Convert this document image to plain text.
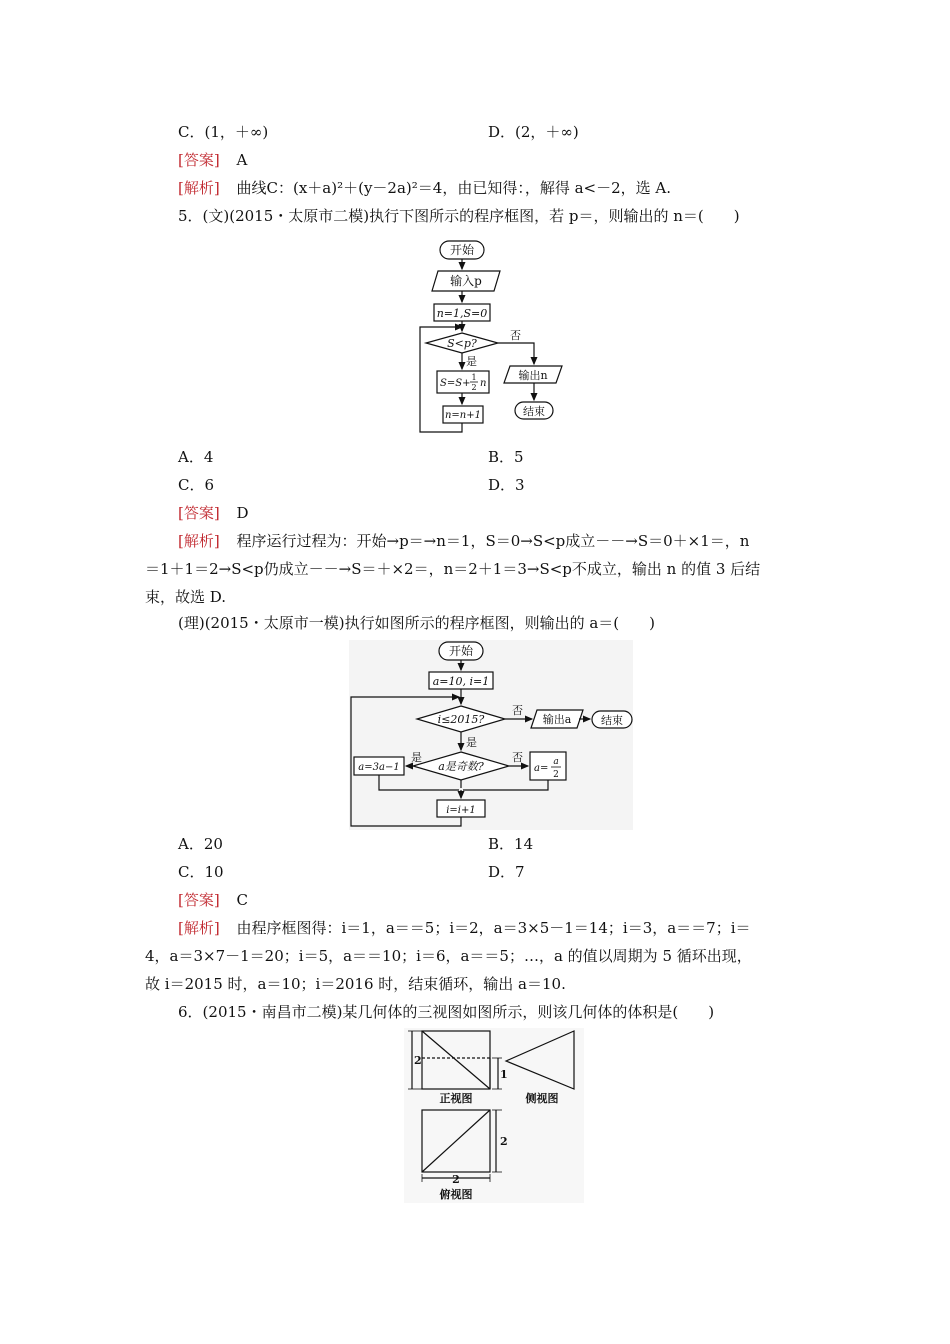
C．(1，＋∞)	D．(2，＋∞)
[答案] A
[解析] 曲线C：(x＋a)²＋(y－2a)²＝4，由已知得：，解得 a<－2，选 A.
5．(文)(2015・太原市二模)执行下图所示的程序框图，若 p＝，则输出的 n＝(　　)
开始
输入p
n=1,S=0
S<p?
否
是
S=S+
1
2 n
n=n+1
输出n
结束
A．4	B．5
C．6	D．3
[答案] D
[解析] 程序运行过程为：开始→p＝→n＝1，S＝0→S<p成立－－→S＝0＋×1＝，n
＝1＋1＝2→S<p仍成立－－→S＝＋×2＝，n＝2＋1＝3→S<p不成立，输出 n 的值 3 后结
束，故选 D.
(理)(2015・太原市一模)执行如图所示的程序框图，则输出的 a＝(　　)
开始
a=10, i=1
i≤2015?
否
输出a	结束
是
a是奇数?
是	否
a=3a−1	a=
a
2
i=i+1
A．20	B．14
C．10	D．7
[答案] C
[解析] 由程序框图得：i＝1，a＝＝5；i＝2，a＝3×5－1＝14；i＝3，a＝＝7；i＝
4，a＝3×7－1＝20；i＝5，a＝＝10；i＝6，a＝＝5；…，a 的值以周期为 5 循环出现，
故 i＝2015 时，a＝10；i＝2016 时，结束循环，输出 a＝10.
6．(2015・南昌市二模)某几何体的三视图如图所示，则该几何体的体积是(　　)
2
1
正视图	侧视图
2
2
俯视图
